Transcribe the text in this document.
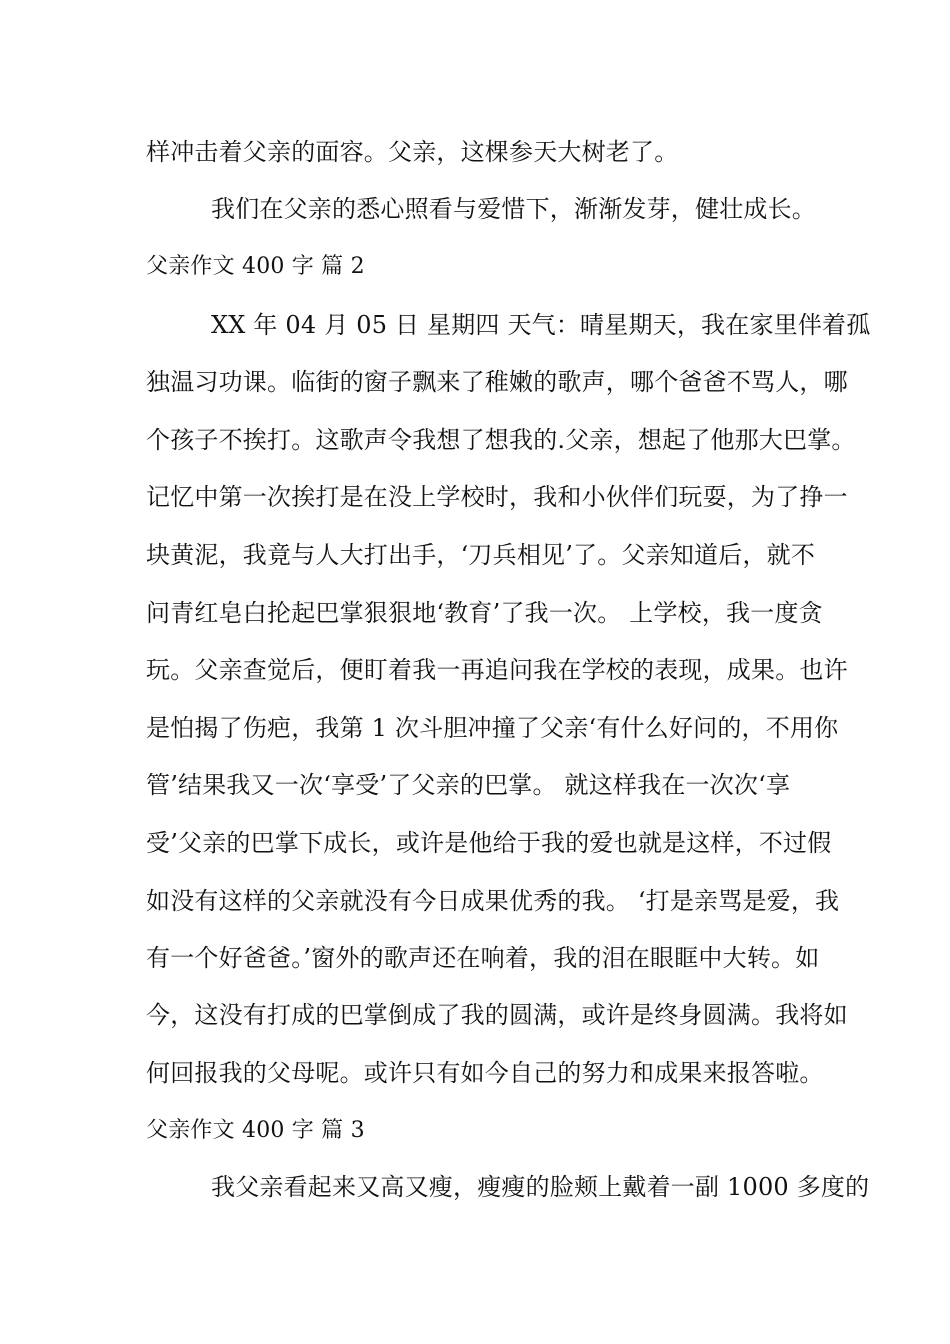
样冲击着父亲的面容。父亲，这棵参天大树老了。
我们在父亲的悉心照看与爱惜下，渐渐发芽，健壮成长。
父亲作文 400 字 篇 2
XX 年 04 月 05 日 星期四 天气：晴星期天，我在家里伴着孤
独温习功课。临街的窗子飘来了稚嫩的歌声，哪个爸爸不骂人，哪
个孩子不挨打。这歌声令我想了想我的.父亲，想起了他那大巴掌。
记忆中第一次挨打是在没上学校时，我和小伙伴们玩耍，为了挣一
块黄泥，我竟与人大打出手，‘刀兵相见’了。父亲知道后，就不
问青红皂白抡起巴掌狠狠地‘教育’了我一次。 上学校，我一度贪
玩。父亲查觉后，便盯着我一再追问我在学校的表现，成果。也许
是怕揭了伤疤，我第 1 次斗胆冲撞了父亲‘有什么好问的，不用你
管’结果我又一次‘享受’了父亲的巴掌。 就这样我在一次次‘享
受’父亲的巴掌下成长，或许是他给于我的爱也就是这样，不过假
如没有这样的父亲就没有今日成果优秀的我。 ‘打是亲骂是爱，我
有一个好爸爸。’窗外的歌声还在响着，我的泪在眼眶中大转。如
今，这没有打成的巴掌倒成了我的圆满，或许是终身圆满。我将如
何回报我的父母呢。或许只有如今自己的努力和成果来报答啦。
父亲作文 400 字 篇 3
我父亲看起来又高又瘦，瘦瘦的脸颊上戴着一副 1000 多度的
